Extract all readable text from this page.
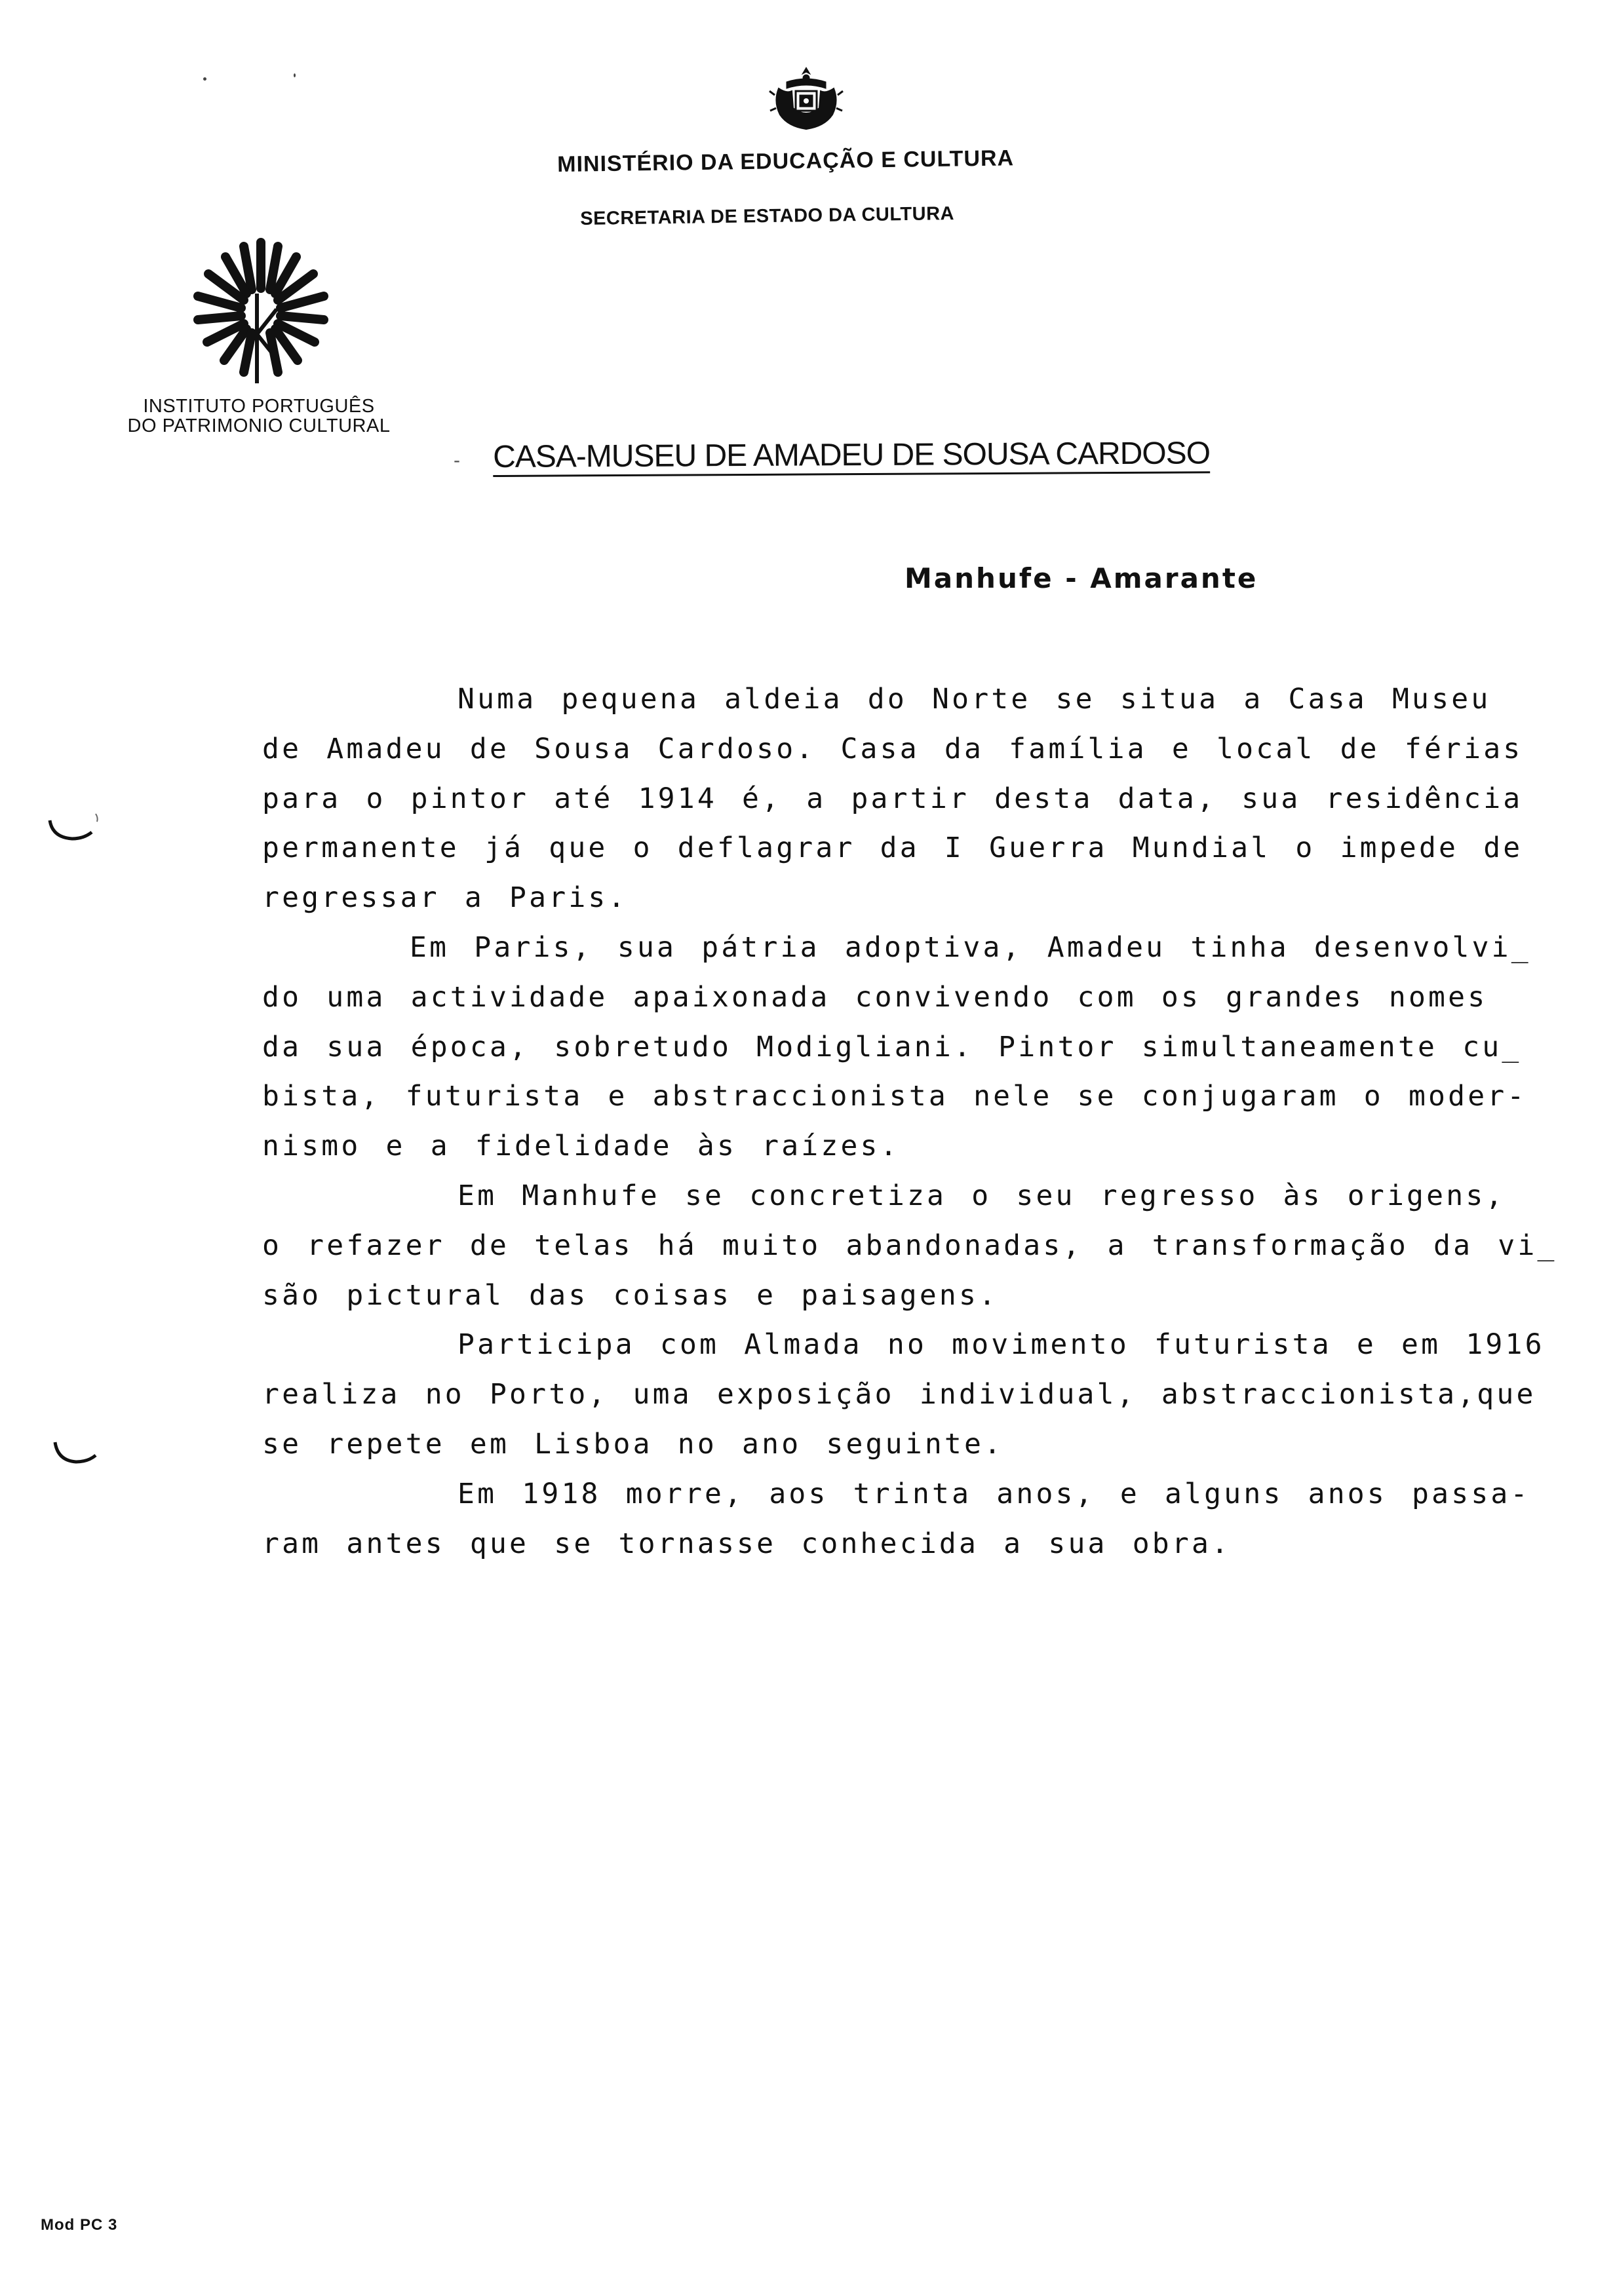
MINISTÉRIO DA EDUCAÇÃO E CULTURA
SECRETARIA DE ESTADO DA CULTURA
INSTITUTO PORTUGUÊS
DO PATRIMONIO CULTURAL
- CASA-MUSEU DE AMADEU DE SOUSA CARDOSO
Manhufe - Amarante
Numa pequena aldeia do Norte se situa a Casa Museu
de Amadeu de Sousa Cardoso. Casa da família e local de férias
para o pintor até 1914 é, a partir desta data, sua residência
permanente já que o deflagrar da I Guerra Mundial o impede de
regressar a Paris.
Em Paris, sua pátria adoptiva, Amadeu tinha desenvolvi_
do uma actividade apaixonada convivendo com os grandes nomes
da sua época, sobretudo Modigliani. Pintor simultaneamente cu_
bista, futurista e abstraccionista nele se conjugaram o moder-
nismo e a fidelidade às raízes.
Em Manhufe se concretiza o seu regresso às origens,
o refazer de telas há muito abandonadas, a transformação da vi_
são pictural das coisas e paisagens.
Participa com Almada no movimento futurista e em 1916
realiza no Porto, uma exposição individual, abstraccionista,que
se repete em Lisboa no ano seguinte.
Em 1918 morre, aos trinta anos, e alguns anos passa-
ram antes que se tornasse conhecida a sua obra.
Mod PC 3
